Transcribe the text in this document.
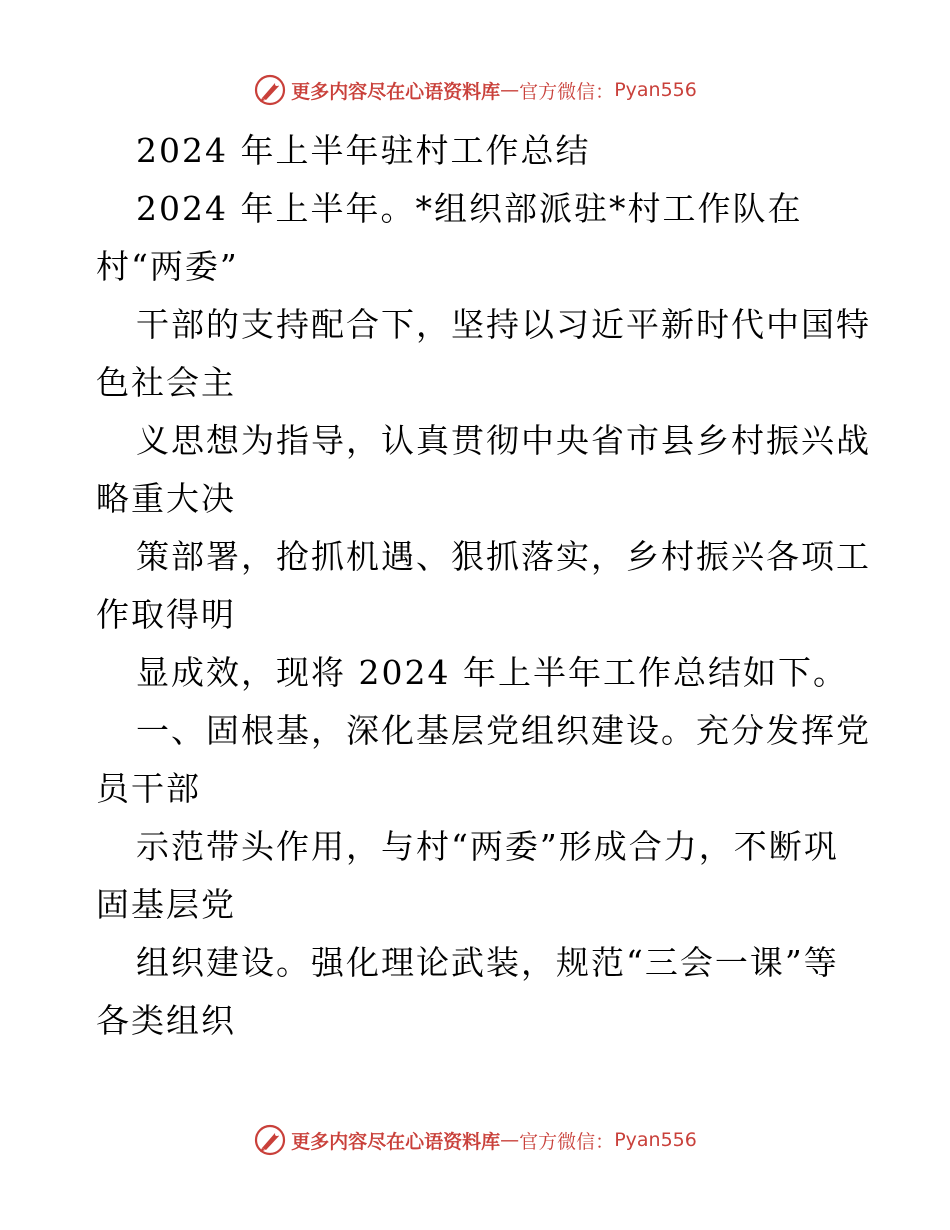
更多内容尽在心语资料库 — 官方微信： Pyan556
2024 年上半年驻村工作总结
2024 年上半年。*组织部派驻*村工作队在
村“两委”
干部的支持配合下，坚持以习近平新时代中国特
色社会主
义思想为指导，认真贯彻中央省市县乡村振兴战
略重大决
策部署，抢抓机遇、狠抓落实，乡村振兴各项工
作取得明
显成效，现将 2024 年上半年工作总结如下。
一、固根基，深化基层党组织建设。充分发挥党
员干部
示范带头作用，与村“两委”形成合力，不断巩
固基层党
组织建设。强化理论武装，规范“三会一课”等
各类组织
更多内容尽在心语资料库 — 官方微信： Pyan556
